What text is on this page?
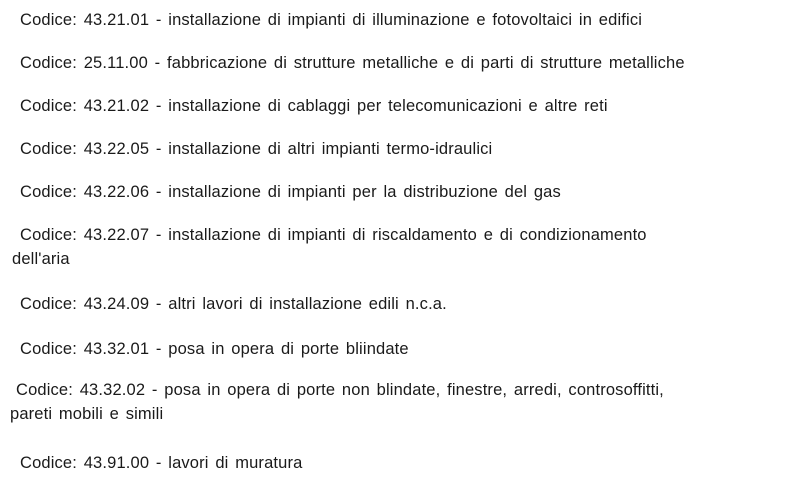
Codice: 43.21.01 - installazione di impianti di illuminazione e fotovoltaici in edifici
Codice: 25.11.00 - fabbricazione di strutture metalliche e di parti di strutture metalliche
Codice: 43.21.02 - installazione di cablaggi per telecomunicazioni e altre reti
Codice: 43.22.05 - installazione di altri impianti termo-idraulici
Codice: 43.22.06 - installazione di impianti per la distribuzione del gas
Codice: 43.22.07 - installazione di impianti di riscaldamento e di condizionamento
dell'aria
Codice: 43.24.09 - altri lavori di installazione edili n.c.a.
Codice: 43.32.01 - posa in opera di porte bliindate
Codice: 43.32.02 - posa in opera di porte non blindate, finestre, arredi, controsoffitti,
pareti mobili e simili
Codice: 43.91.00 - lavori di muratura
